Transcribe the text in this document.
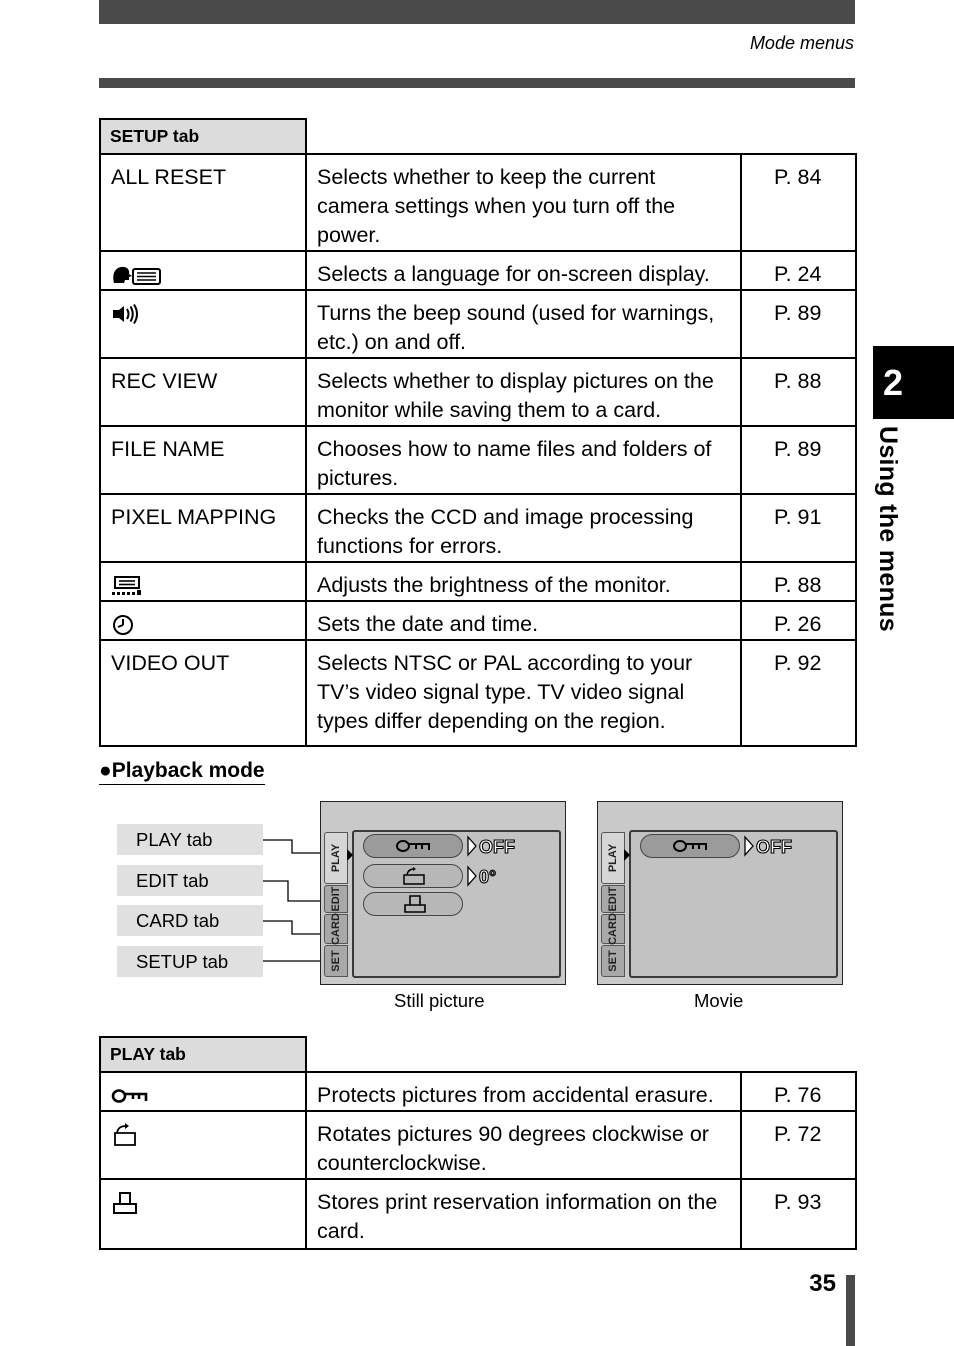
Mode menus
2
Using the menus
SETUP tab		
ALL RESET	Selects whether to keep the current camera settings when you turn off the power.	P. 84
	Selects a language for on-screen display.	P. 24
	Turns the beep sound (used for warnings, etc.) on and off.	P. 89
REC VIEW	Selects whether to display pictures on the monitor while saving them to a card.	P. 88
FILE NAME	Chooses how to name files and folders of pictures.	P. 89
PIXEL MAPPING	Checks the CCD and image processing functions for errors.	P. 91
	Adjusts the brightness of the monitor.	P. 88
	Sets the date and time.	P. 26
VIDEO OUT	Selects NTSC or PAL according to your TV’s video signal type. TV video signal types differ depending on the region.	P. 92
●Playback mode
PLAY tab
EDIT tab
CARD tab
SETUP tab
PLAY
EDIT
CARD
SET
OFF
0°
Still picture
PLAY
EDIT
CARD
SET
OFF
Movie
PLAY tab		
	Protects pictures from accidental erasure.	P. 76
	Rotates pictures 90 degrees clockwise or counterclockwise.	P. 72
	Stores print reservation information on the card.	P. 93
35
